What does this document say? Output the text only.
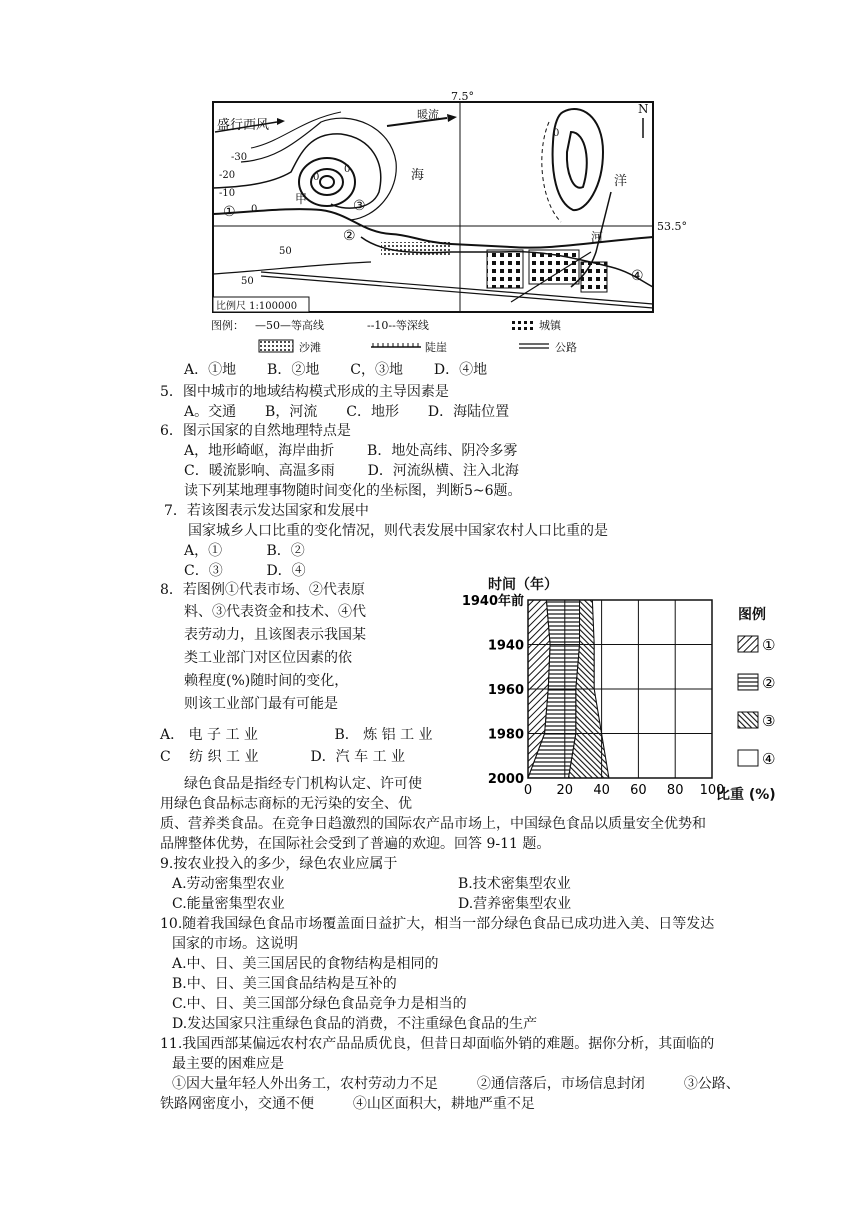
盛行西风
暖流
7.5°
53.5°
N
海	洋
河
甲
①
②
③
④
-30
-20
-10
0
0
0
50
50
0
比例尺 1:100000
图例： —50—等高线	--10--等深线	城镇
沙滩	陡崖	公路
A．①地 B．②地 C，③地 D．④地
5．图中城市的地域结构模式形成的主导因素是
A。交通 B，河流 C．地形 D．海陆位置
6．图示国家的自然地理特点是
A，地形崎岖，海岸曲折 B．地处高纬、阴冷多雾
C．暖流影响、高温多雨 D．河流纵横、注入北海
读下列某地理事物随时间变化的坐标图，判断5~6题。
7．若该图表示发达国家和发展中
国家城乡人口比重的变化情况，则代表发展中国家农村人口比重的是
A，①	B．②
C．③	D．④
8．若图例①代表市场、②代表原
料、③代表资金和技术、④代
表劳动力，且该图表示我国某
类工业部门对区位因素的依
赖程度(%)随时间的变化，
则该工业部门最有可能是
A． 电 子 工 业	B． 炼 铝 工 业
C　 纺 织 工 业	D．汽 车 工 业
0 20 40 60 80 100
1940年前
1940
1960
1980
2000
①
②
③
④
时间（年）
比重 (%)
图例
绿色食品是指经专门机构认定、许可使
用绿色食品标志商标的无污染的安全、优
质、营养类食品。在竞争日趋激烈的国际农产品市场上，中国绿色食品以质量安全优势和
品牌整体优势，在国际社会受到了普遍的欢迎。回答 9-11 题。
9.按农业投入的多少，绿色农业应属于
A.劳动密集型农业	B.技术密集型农业
C.能量密集型农业	D.营养密集型农业
10.随着我国绿色食品市场覆盖面日益扩大，相当一部分绿色食品已成功进入美、日等发达
国家的市场。这说明
A.中、日、美三国居民的食物结构是相同的
B.中、日、美三国食品结构是互补的
C.中、日、美三国部分绿色食品竞争力是相当的
D.发达国家只注重绿色食品的消费，不注重绿色食品的生产
11.我国西部某偏远农村农产品品质优良，但昔日却面临外销的难题。据你分析，其面临的
最主要的困难应是
①因大量年轻人外出务工，农村劳动力不足	②通信落后，市场信息封闭	③公路、
铁路网密度小，交通不便	④山区面积大，耕地严重不足
